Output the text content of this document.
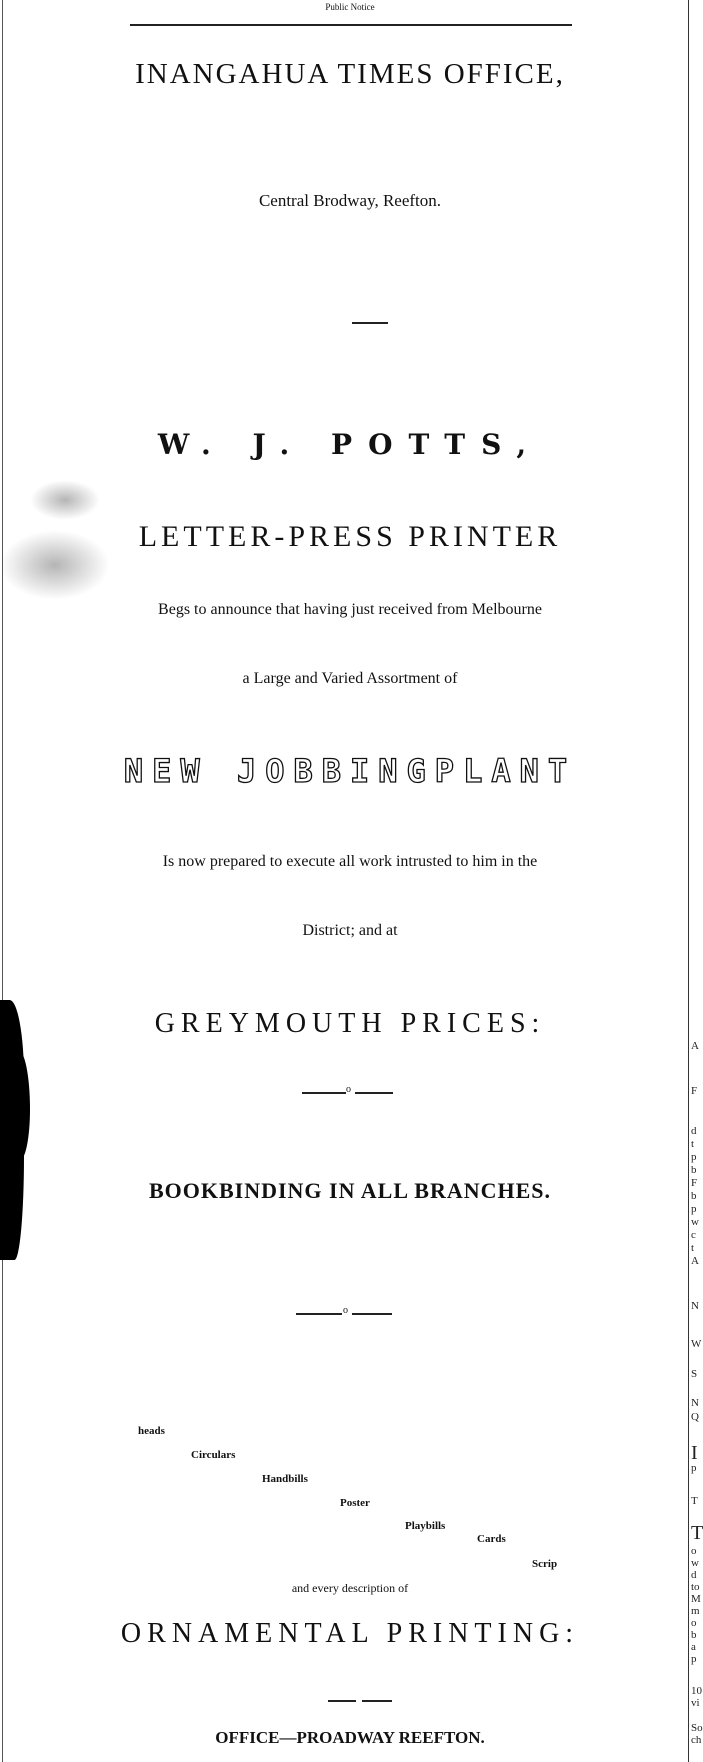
Public Notice
INANGAHUA TIMES OFFICE,
Central Brodway, Reefton.
W. J. POTTS,
LETTER-PRESS PRINTER
Begs to announce that having just received from Melbourne
a Large and Varied Assortment of
NEW JOBBINGPLANT
Is now prepared to execute all work intrusted to him in the
District; and at
GREYMOUTH PRICES:
o
BOOKBINDING IN ALL BRANCHES.
o
heads
Circulars
Handbills
Poster
Playbills
Cards
Scrip
and every description of
ORNAMENTAL PRINTING:
OFFICE—PROADWAY REEFTON.
A
F
d
t
p
b
F
b
p
w
c
t
A
N
W
S
N
Q
I
p
T
T
o
w
d
to
M
m
o
b
a
p
10
vi
So
ch
